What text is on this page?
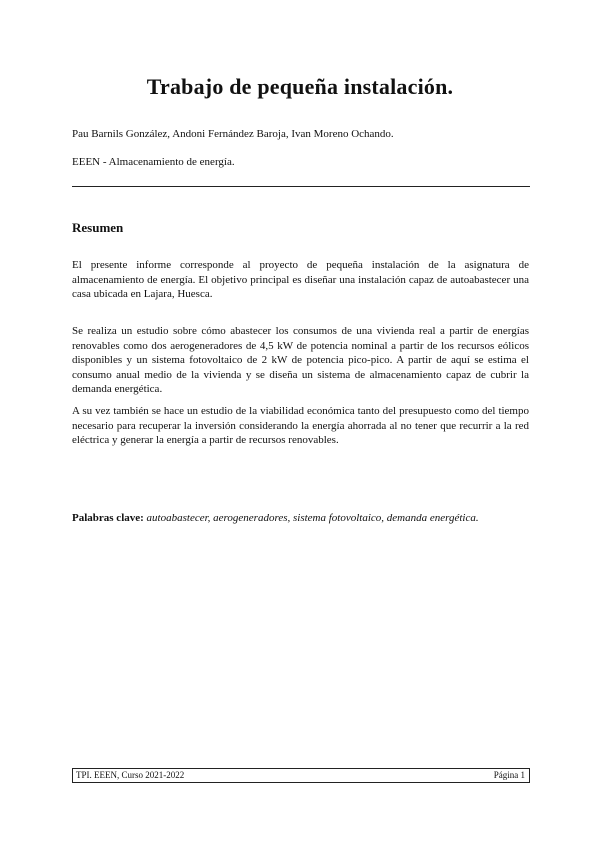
Trabajo de pequeña instalación.
Pau Barnils González, Andoni Fernández Baroja, Ivan Moreno Ochando.
EEEN - Almacenamiento de energía.
Resumen

El presente informe corresponde al proyecto de pequeña instalación de la asignatura de almacenamiento de energía. El objetivo principal es diseñar una instalación capaz de autoabastecer una casa ubicada en Lajara, Huesca.

Se realiza un estudio sobre cómo abastecer los consumos de una vivienda real a partir de energías renovables como dos aerogeneradores de 4,5 kW de potencia nominal a partir de los recursos eólicos disponibles y un sistema fotovoltaico de 2 kW de potencia pico-pico. A partir de aquí se estima el consumo anual medio de la vivienda y se diseña un sistema de almacenamiento capaz de cubrir la demanda energética.

A su vez también se hace un estudio de la viabilidad económica tanto del presupuesto como del tiempo necesario para recuperar la inversión considerando la energía ahorrada al no tener que recurrir a la red eléctrica y generar la energía a partir de recursos renovables.

Palabras clave: autoabastecer, aerogeneradores, sistema fotovoltaico, demanda energética.
TPI. EEEN, Curso 2021-2022	Página 1
